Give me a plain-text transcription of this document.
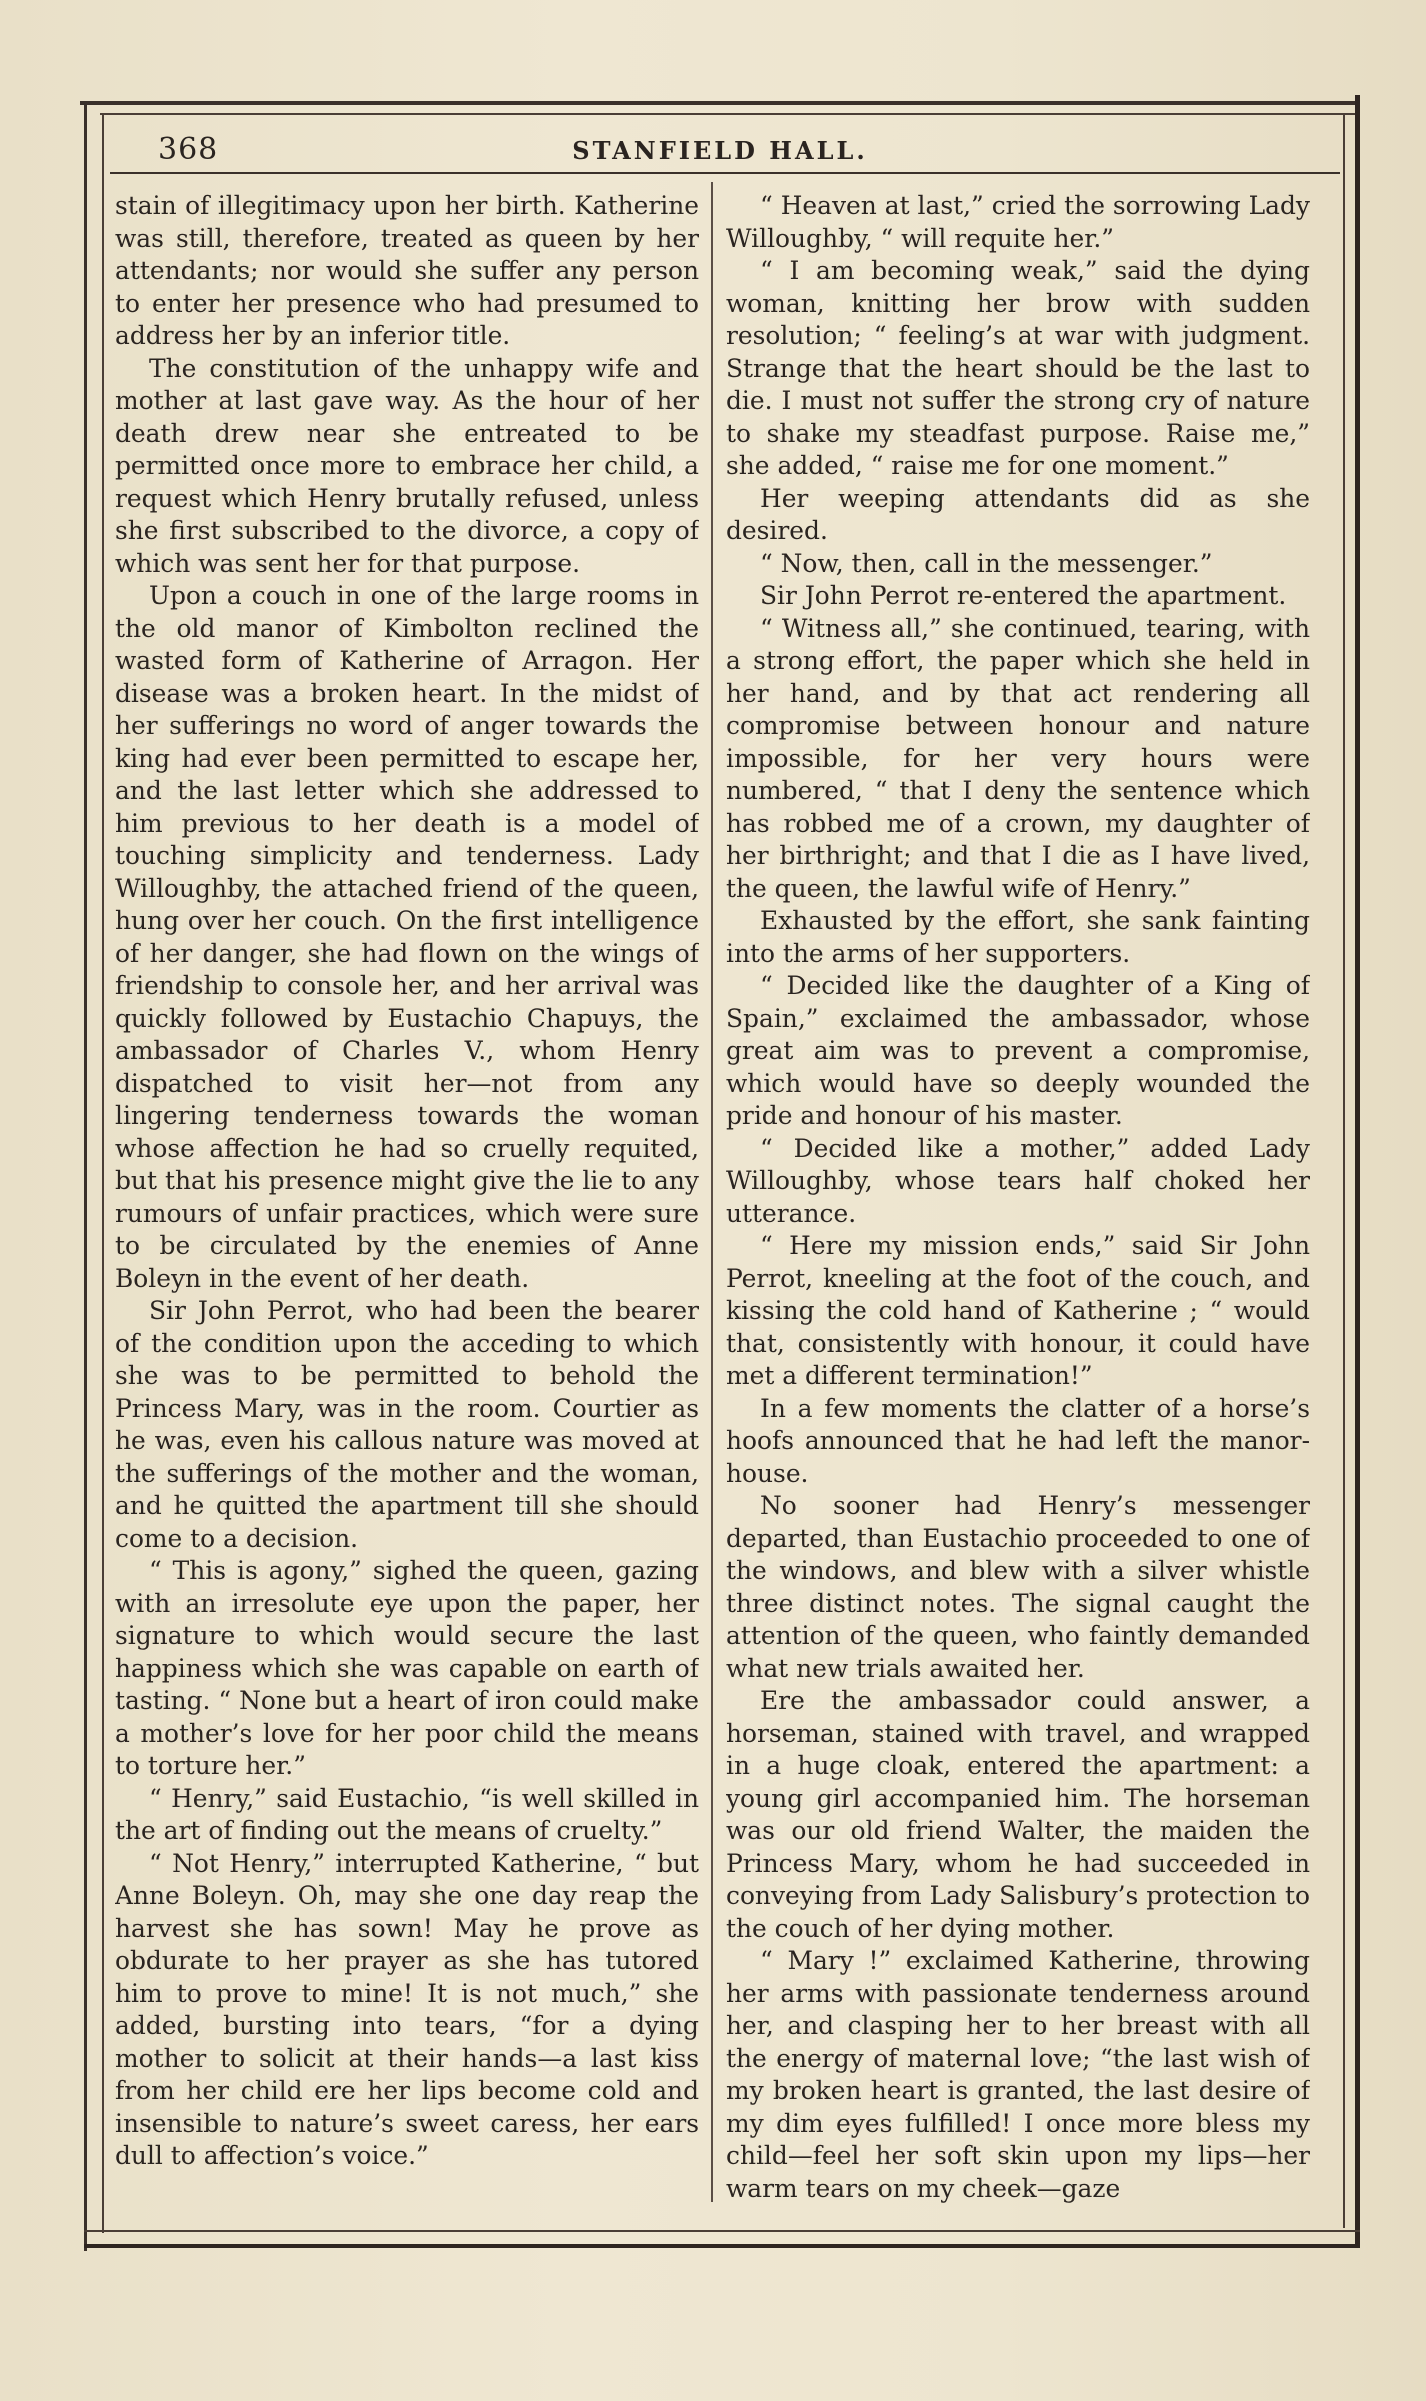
368	STANFIELD HALL.

stain of illegitimacy upon her birth. Katherine was still, therefore, treated as queen by her attendants; nor would she suffer any person to enter her presence who had presumed to address her by an inferior title.

The constitution of the unhappy wife and mother at last gave way. As the hour of her death drew near she entreated to be permitted once more to embrace her child, a request which Henry brutally refused, unless she first subscribed to the divorce, a copy of which was sent her for that purpose.

Upon a couch in one of the large rooms in the old manor of Kimbolton reclined the wasted form of Katherine of Arragon. Her disease was a broken heart. In the midst of her sufferings no word of anger towards the king had ever been permitted to escape her, and the last letter which she addressed to him previous to her death is a model of touching simplicity and tenderness. Lady Willoughby, the attached friend of the queen, hung over her couch. On the first intelligence of her danger, she had flown on the wings of friendship to console her, and her arrival was quickly followed by Eustachio Chapuys, the ambassador of Charles V., whom Henry dispatched to visit her—not from any lingering tenderness towards the woman whose affection he had so cruelly requited, but that his presence might give the lie to any rumours of unfair practices, which were sure to be circulated by the enemies of Anne Boleyn in the event of her death.

Sir John Perrot, who had been the bearer of the condition upon the acceding to which she was to be permitted to behold the Princess Mary, was in the room. Courtier as he was, even his callous nature was moved at the sufferings of the mother and the woman, and he quitted the apartment till she should come to a decision.

“ This is agony,” sighed the queen, gazing with an irresolute eye upon the paper, her signature to which would secure the last happiness which she was capable on earth of tasting. “ None but a heart of iron could make a mother’s love for her poor child the means to torture her.”

“ Henry,” said Eustachio, “is well skilled in the art of finding out the means of cruelty.”

“ Not Henry,” interrupted Katherine, “ but Anne Boleyn. Oh, may she one day reap the harvest she has sown! May he prove as obdurate to her prayer as she has tutored him to prove to mine! It is not much,” she added, bursting into tears, “for a dying mother to solicit at their hands—a last kiss from her child ere her lips become cold and insensible to nature’s sweet caress, her ears dull to affection’s voice.”

“ Heaven at last,” cried the sorrowing Lady Willoughby, “ will requite her.”

“ I am becoming weak,” said the dying woman, knitting her brow with sudden resolution; “ feeling’s at war with judgment. Strange that the heart should be the last to die. I must not suffer the strong cry of nature to shake my steadfast purpose. Raise me,” she added, “ raise me for one moment.”

Her weeping attendants did as she desired.

“ Now, then, call in the messenger.”

Sir John Perrot re-entered the apartment.

“ Witness all,” she continued, tearing, with a strong effort, the paper which she held in her hand, and by that act rendering all compromise between honour and nature impossible, for her very hours were numbered, “ that I deny the sentence which has robbed me of a crown, my daughter of her birthright; and that I die as I have lived, the queen, the lawful wife of Henry.”

Exhausted by the effort, she sank fainting into the arms of her supporters.

“ Decided like the daughter of a King of Spain,” exclaimed the ambassador, whose great aim was to prevent a compromise, which would have so deeply wounded the pride and honour of his master.

“ Decided like a mother,” added Lady Willoughby, whose tears half choked her utterance.

“ Here my mission ends,” said Sir John Perrot, kneeling at the foot of the couch, and kissing the cold hand of Katherine ; “ would that, consistently with honour, it could have met a different termination!”

In a few moments the clatter of a horse’s hoofs announced that he had left the manor-house.

No sooner had Henry’s messenger departed, than Eustachio proceeded to one of the windows, and blew with a silver whistle three distinct notes. The signal caught the attention of the queen, who faintly demanded what new trials awaited her.

Ere the ambassador could answer, a horseman, stained with travel, and wrapped in a huge cloak, entered the apartment: a young girl accompanied him. The horseman was our old friend Walter, the maiden the Princess Mary, whom he had succeeded in conveying from Lady Salisbury’s protection to the couch of her dying mother.

“ Mary !” exclaimed Katherine, throwing her arms with passionate tenderness around her, and clasping her to her breast with all the energy of maternal love; “the last wish of my broken heart is granted, the last desire of my dim eyes fulfilled! I once more bless my child—feel her soft skin upon my lips—her warm tears on my cheek—gaze
